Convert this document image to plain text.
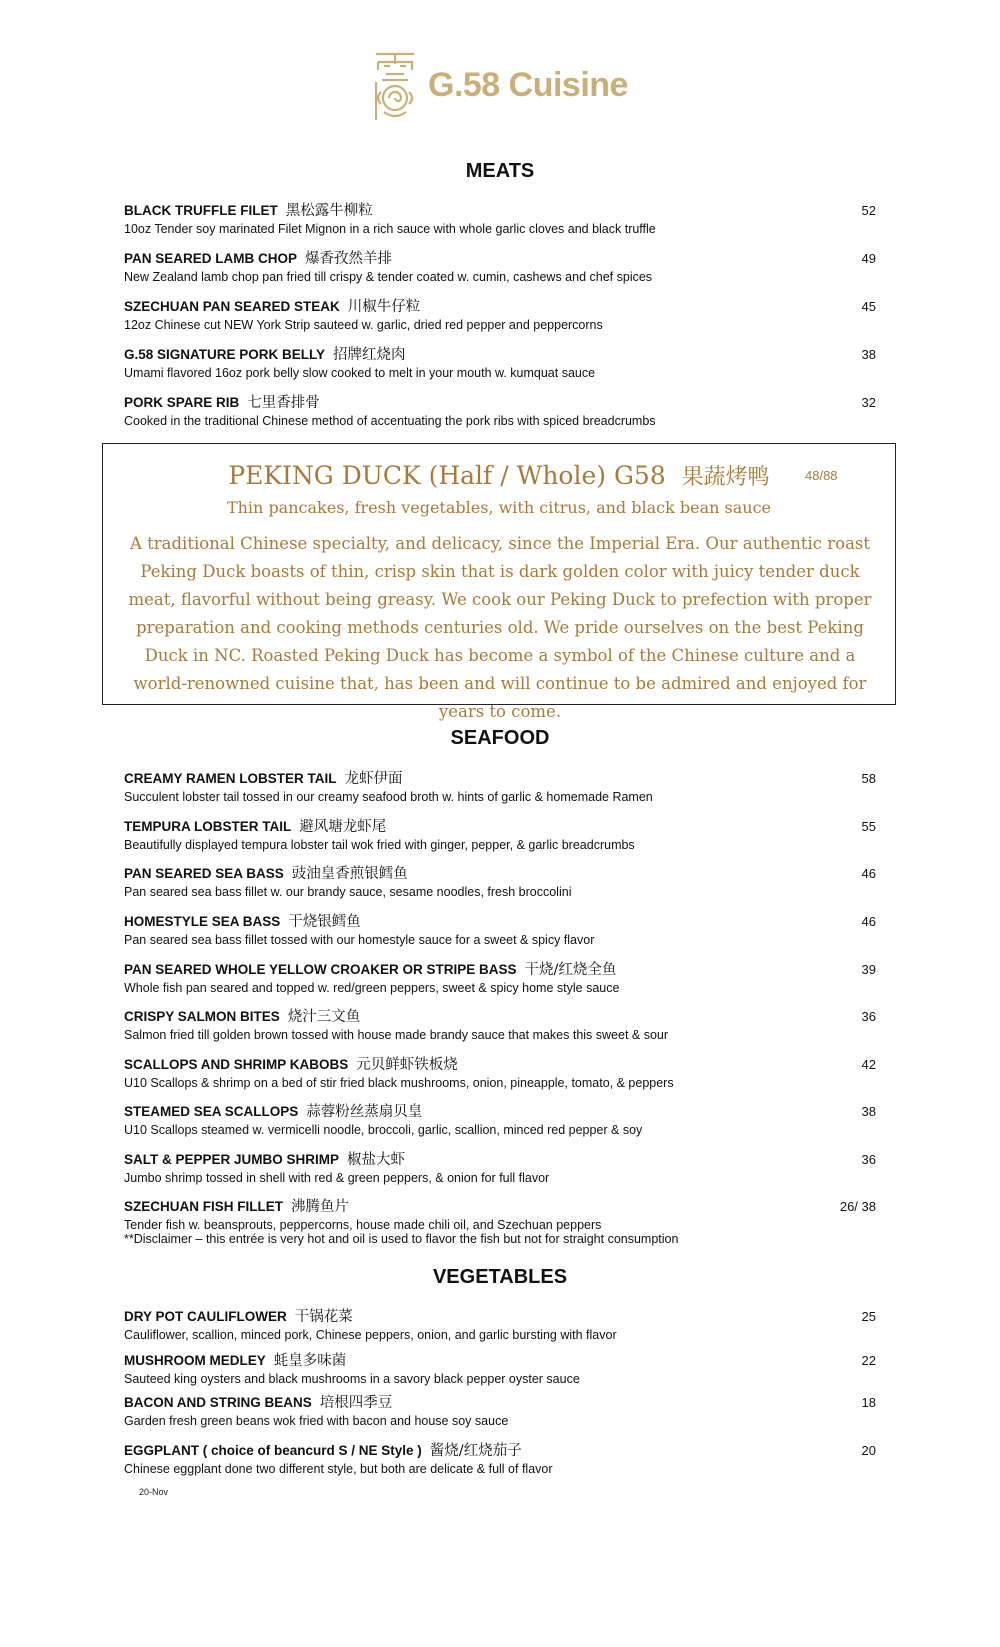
G.58 Cuisine
MEATS
BLACK TRUFFLE FILET 黑松露牛柳粒	52
10oz Tender soy marinated Filet Mignon in a rich sauce with whole garlic cloves and black truffle
PAN SEARED LAMB CHOP 爆香孜然羊排	49
New Zealand lamb chop pan fried till crispy & tender coated w. cumin, cashews and chef spices
SZECHUAN PAN SEARED STEAK 川椒牛仔粒	45
12oz Chinese cut NEW York Strip sauteed w. garlic, dried red pepper and peppercorns
G.58 SIGNATURE PORK BELLY 招牌红烧肉	38
Umami flavored 16oz pork belly slow cooked to melt in your mouth w. kumquat sauce
PORK SPARE RIB 七里香排骨	32
Cooked in the traditional Chinese method of accentuating the pork ribs with spiced breadcrumbs
PEKING DUCK (Half / Whole) G58 果蔬烤鸭	48/88
Thin pancakes, fresh vegetables, with citrus, and black bean sauce
A traditional Chinese specialty, and delicacy, since the Imperial Era. Our authentic roast Peking Duck boasts of thin, crisp skin that is dark golden color with juicy tender duck meat, flavorful without being greasy. We cook our Peking Duck to prefection with proper preparation and cooking methods centuries old. We pride ourselves on the best Peking Duck in NC. Roasted Peking Duck has become a symbol of the Chinese culture and a world-renowned cuisine that, has been and will continue to be admired and enjoyed for years to come.
SEAFOOD
CREAMY RAMEN LOBSTER TAIL 龙虾伊面	58
Succulent lobster tail tossed in our creamy seafood broth w. hints of garlic & homemade Ramen
TEMPURA LOBSTER TAIL 避风塘龙虾尾	55
Beautifully displayed tempura lobster tail wok fried with ginger, pepper, & garlic breadcrumbs
PAN SEARED SEA BASS 豉油皇香煎银鳕鱼	46
Pan seared sea bass fillet w. our brandy sauce, sesame noodles, fresh broccolini
HOMESTYLE SEA BASS 干烧银鳕鱼	46
Pan seared sea bass fillet tossed with our homestyle sauce for a sweet & spicy flavor
PAN SEARED WHOLE YELLOW CROAKER OR STRIPE BASS 干烧/红烧全鱼	39
Whole fish pan seared and topped w. red/green peppers, sweet & spicy home style sauce
CRISPY SALMON BITES 烧汁三文鱼	36
Salmon fried till golden brown tossed with house made brandy sauce that makes this sweet & sour
SCALLOPS AND SHRIMP KABOBS 元贝鲜虾铁板烧	42
U10 Scallops & shrimp on a bed of stir fried black mushrooms, onion, pineapple, tomato, & peppers
STEAMED SEA SCALLOPS 蒜蓉粉丝蒸扇贝皇	38
U10 Scallops steamed w. vermicelli noodle, broccoli, garlic, scallion, minced red pepper & soy
SALT & PEPPER JUMBO SHRIMP 椒盐大虾	36
Jumbo shrimp tossed in shell with red & green peppers, & onion for full flavor
SZECHUAN FISH FILLET 沸腾鱼片	26/ 38
Tender fish w. beansprouts, peppercorns, house made chili oil, and Szechuan peppers
**Disclaimer – this entrée is very hot and oil is used to flavor the fish but not for straight consumption
VEGETABLES
DRY POT CAULIFLOWER 干锅花菜	25
Cauliflower, scallion, minced pork, Chinese peppers, onion, and garlic bursting with flavor
MUSHROOM MEDLEY 蚝皇多味菌	22
Sauteed king oysters and black mushrooms in a savory black pepper oyster sauce
BACON AND STRING BEANS 培根四季豆	18
Garden fresh green beans wok fried with bacon and house soy sauce
EGGPLANT ( choice of beancurd S / NE Style ) 酱烧/红烧茄子	20
Chinese eggplant done two different style, but both are delicate & full of flavor
20-Nov
